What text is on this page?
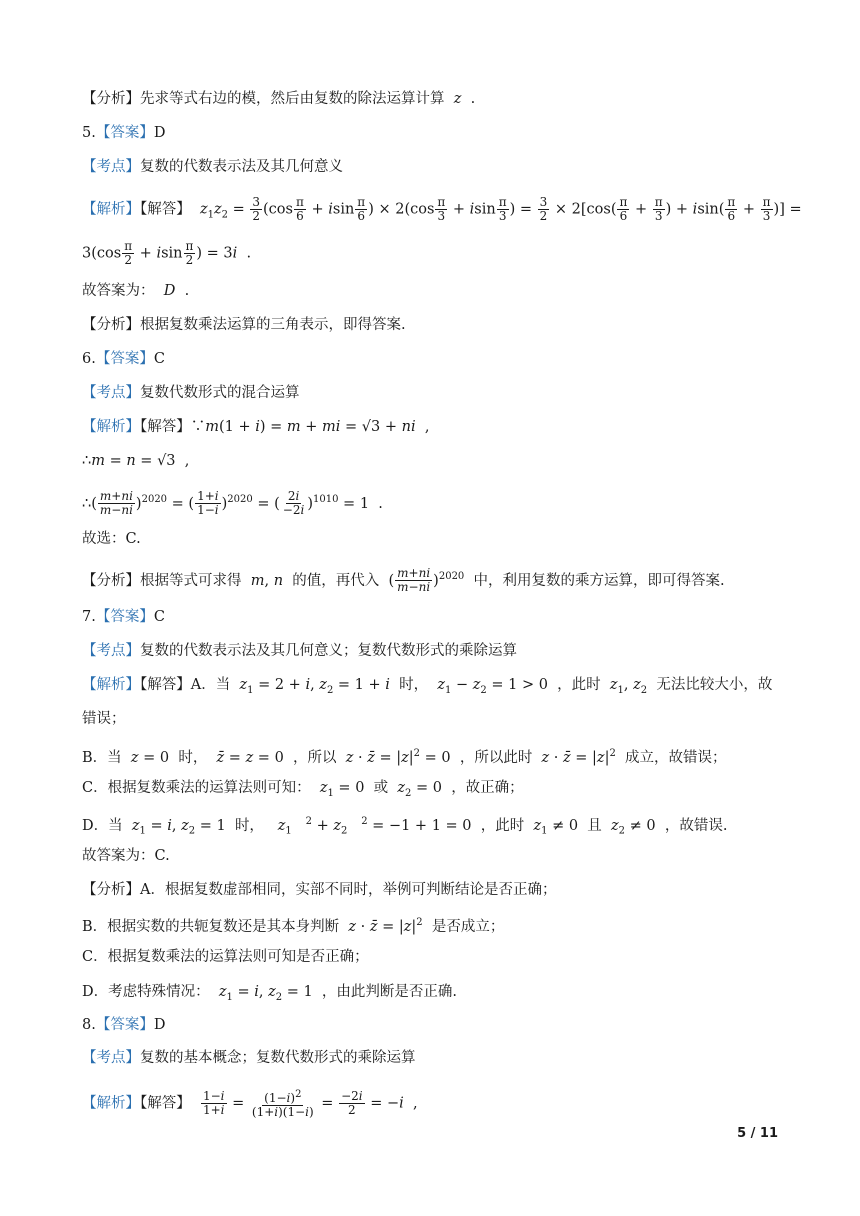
【分析】先求等式右边的模，然后由复数的除法运算计算 z  .
5.【答案】D
【考点】复数的代数表示法及其几何意义
【解析】【解答】 $z_1z_2 = \frac{3}{2} (\cos \frac{\pi}{6} + isin \frac{\pi}{6}$ ) × $2(\cos \frac{\pi}{3} + isin \frac{\pi}{3}$ ) = $\frac{3}{2} \times 2[\cos( \frac{\pi}{6} + \frac{\pi}{3}$ ) + $isin( \frac{\pi}{6} + \frac{\pi}{3}$ )] =
$3(\cos \frac{\pi}{2} + isin \frac{\pi}{2}$ ) = 3i  .
故答案为： D  .
【分析】根据复数乘法运算的三角表示，即得答案.
6.【答案】C
【考点】复数代数形式的混合运算
【解析】【解答】∵m(1 + i) = m + mi = √3 + ni  ,
∴m = n = √3  ,
∴( $\frac{m+ni}{m-ni} )^{2020}$ = ( $\frac{1+i}{1-i} )^{2020}$ = ( $\frac{2i}{-2i} )^{1010} = 1$  .
故选：C.
【分析】根据等式可求得 m, n 的值，再代入  ( $\frac{m+ni}{m-ni} )^{2020}$ 中，利用复数的乘方运算，即可得答案.
7.【答案】C
【考点】复数的代数表示法及其几何意义；复数代数形式的乘除运算
【解析】【解答】A．当 $z_1 = 2 + i$, $z_2 = 1 + i$ 时， $z_1 - z_2 = 1 > 0$  ，此时 $z_1$, $z_2$ 无法比较大小，故
错误；
B．当 z = 0  时， z̄ = z = 0  ，所以 z · z̄ = $|z|^2 = 0$  ，所以此时 z · z̄ = $|z|^2$ 成立，故错误；
C．根据复数乘法的运算法则可知： $z_1 = 0$  或 $z_2 = 0$  ，故正确；
D．当 $z_1 = i$, $z_2 = 1$  时， $z_1$   $^2 + z_2$   $^2$ = −1 + 1 = 0  ，此时 $z_1 \ne 0$  且 $z_2 \ne 0$  ，故错误.
故答案为：C.
【分析】A．根据复数虚部相同，实部不同时，举例可判断结论是否正确；
B．根据实数的共轭复数还是其本身判断 z · z̄ = $|z|^2$ 是否成立；
C．根据复数乘法的运算法则可知是否正确；
D．考虑特殊情况： $z_1 = i$, $z_2 = 1$  ，由此判断是否正确.
8.【答案】D
【考点】复数的基本概念；复数代数形式的乘除运算
【解析】【解答】 $\frac{1-i}{1+i} = \frac{(1-i)^2}{(1+i)(1-i)} = \frac{-2i}{2} = -i$  ,
5 / 11
